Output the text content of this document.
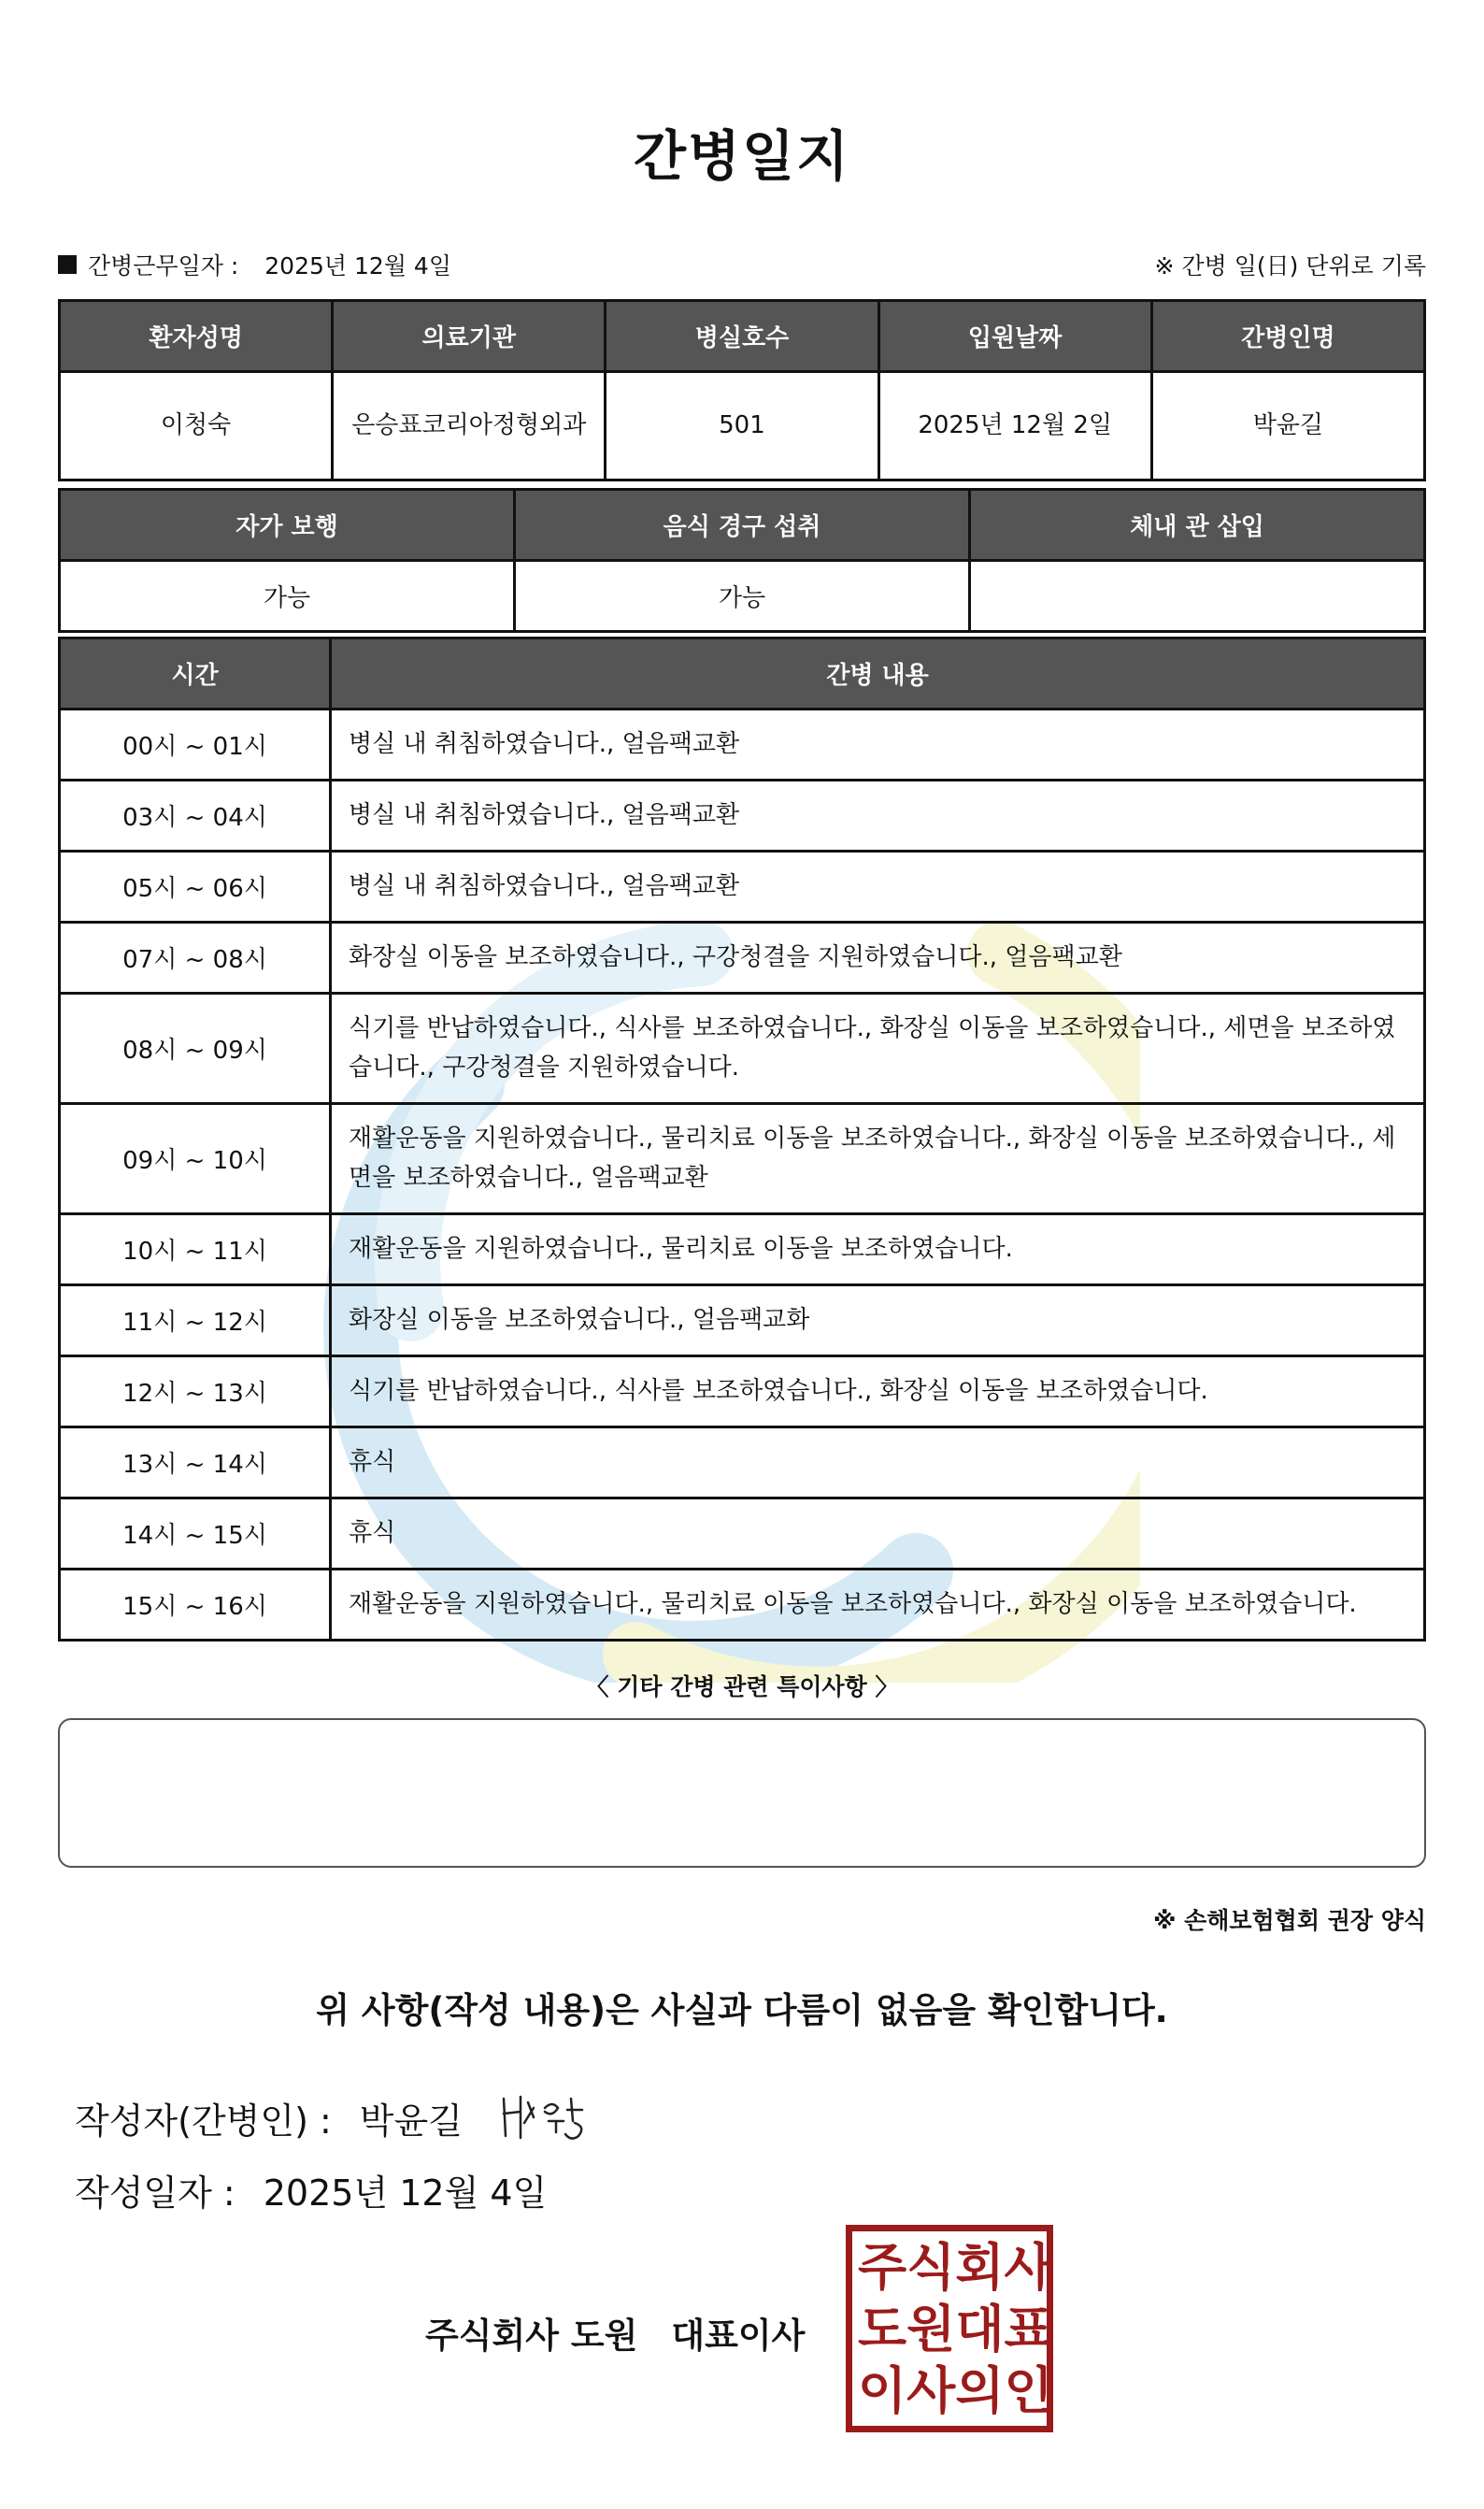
간병일지
간병근무일자 : 2025년 12월 4일	※ 간병 일(日) 단위로 기록
환자성명	의료기관	병실호수	입원날짜	간병인명
이청숙	은승표코리아정형외과	501	2025년 12월 2일	박윤길
자가 보행	음식 경구 섭취	체내 관 삽입
가능	가능	
시간	간병 내용
00시 ~ 01시	병실 내 취침하였습니다., 얼음팩교환
03시 ~ 04시	병실 내 취침하였습니다., 얼음팩교환
05시 ~ 06시	병실 내 취침하였습니다., 얼음팩교환
07시 ~ 08시	화장실 이동을 보조하였습니다., 구강청결을 지원하였습니다., 얼음팩교환
08시 ~ 09시	식기를 반납하였습니다., 식사를 보조하였습니다., 화장실 이동을 보조하였습니다., 세면을 보조하였습니다., 구강청결을 지원하였습니다.
09시 ~ 10시	재활운동을 지원하였습니다., 물리치료 이동을 보조하였습니다., 화장실 이동을 보조하였습니다., 세면을 보조하였습니다., 얼음팩교환
10시 ~ 11시	재활운동을 지원하였습니다., 물리치료 이동을 보조하였습니다.
11시 ~ 12시	화장실 이동을 보조하였습니다., 얼음팩교화
12시 ~ 13시	식기를 반납하였습니다., 식사를 보조하였습니다., 화장실 이동을 보조하였습니다.
13시 ~ 14시	휴식
14시 ~ 15시	휴식
15시 ~ 16시	재활운동을 지원하였습니다., 물리치료 이동을 보조하였습니다., 화장실 이동을 보조하였습니다.
〈 기타 간병 관련 특이사항 〉
※ 손해보험협회 권장 양식
위 사항(작성 내용)은 사실과 다름이 없음을 확인합니다.
작성자(간병인) : 박윤길
작성일자 : 2025년 12월 4일
주식회사 도원 대표이사
주 식 회 사
도 원 대 표
이 사 의 인
